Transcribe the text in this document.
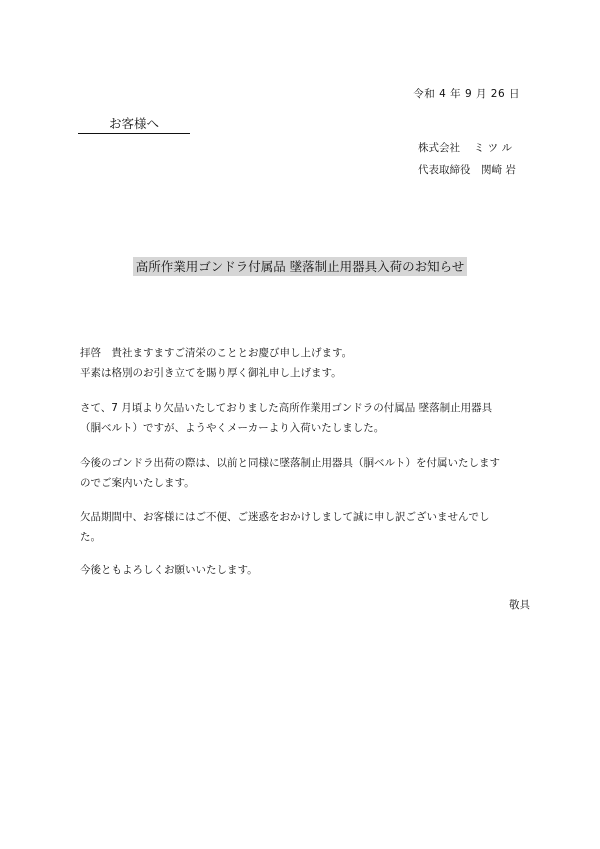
令和 4 年 9 月 26 日
お客様へ
株式会社　 ミ ツ ル
代表取締役　関崎 岩
高所作業用ゴンドラ付属品 墜落制止用器具入荷のお知らせ

拝啓　貴社ますますご清栄のこととお慶び申し上げます。

平素は格別のお引き立てを賜り厚く御礼申し上げます。

さて、7 月頃より欠品いたしておりました高所作業用ゴンドラの付属品 墜落制止用器具

（胴ベルト）ですが、ようやくメーカーより入荷いたしました。

今後のゴンドラ出荷の際は、以前と同様に墜落制止用器具（胴ベルト）を付属いたします

のでご案内いたします。

欠品期間中、お客様にはご不便、ご迷惑をおかけしまして誠に申し訳ございませんでし

た。

今後ともよろしくお願いいたします。

敬具
